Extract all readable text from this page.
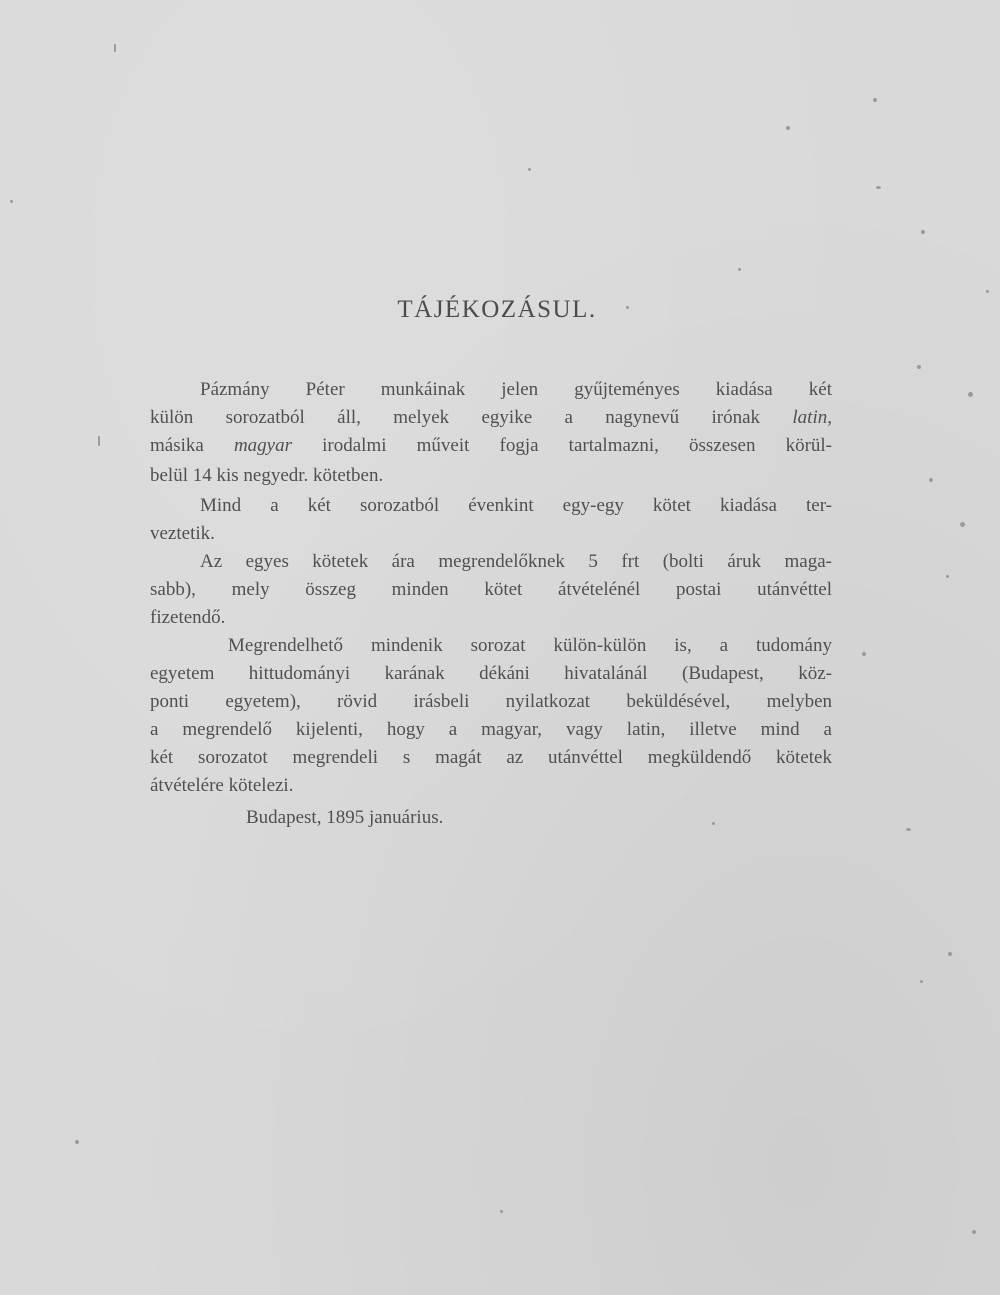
TÁJÉKOZÁSUL.
Pázmány Péter munkáinak jelen gyűjteményes kiadása két
külön sorozatból áll, melyek egyike a nagynevű irónak latin,
másika magyar irodalmi műveit fogja tartalmazni, összesen körül-
belül 14 kis negyedr. kötetben.
Mind a két sorozatból évenkint egy-egy kötet kiadása ter-
veztetik.
Az egyes kötetek ára megrendelőknek 5 frt (bolti áruk maga-
sabb), mely összeg minden kötet átvételénél postai utánvéttel
fizetendő.
Megrendelhető mindenik sorozat külön-külön is, a tudomány
egyetem hittudományi karának dékáni hivatalánál (Budapest, köz-
ponti egyetem), rövid irásbeli nyilatkozat beküldésével, melyben
a megrendelő kijelenti, hogy a magyar, vagy latin, illetve mind a
két sorozatot megrendeli s magát az utánvéttel megküldendő kötetek
átvételére kötelezi.
Budapest, 1895 januárius.
